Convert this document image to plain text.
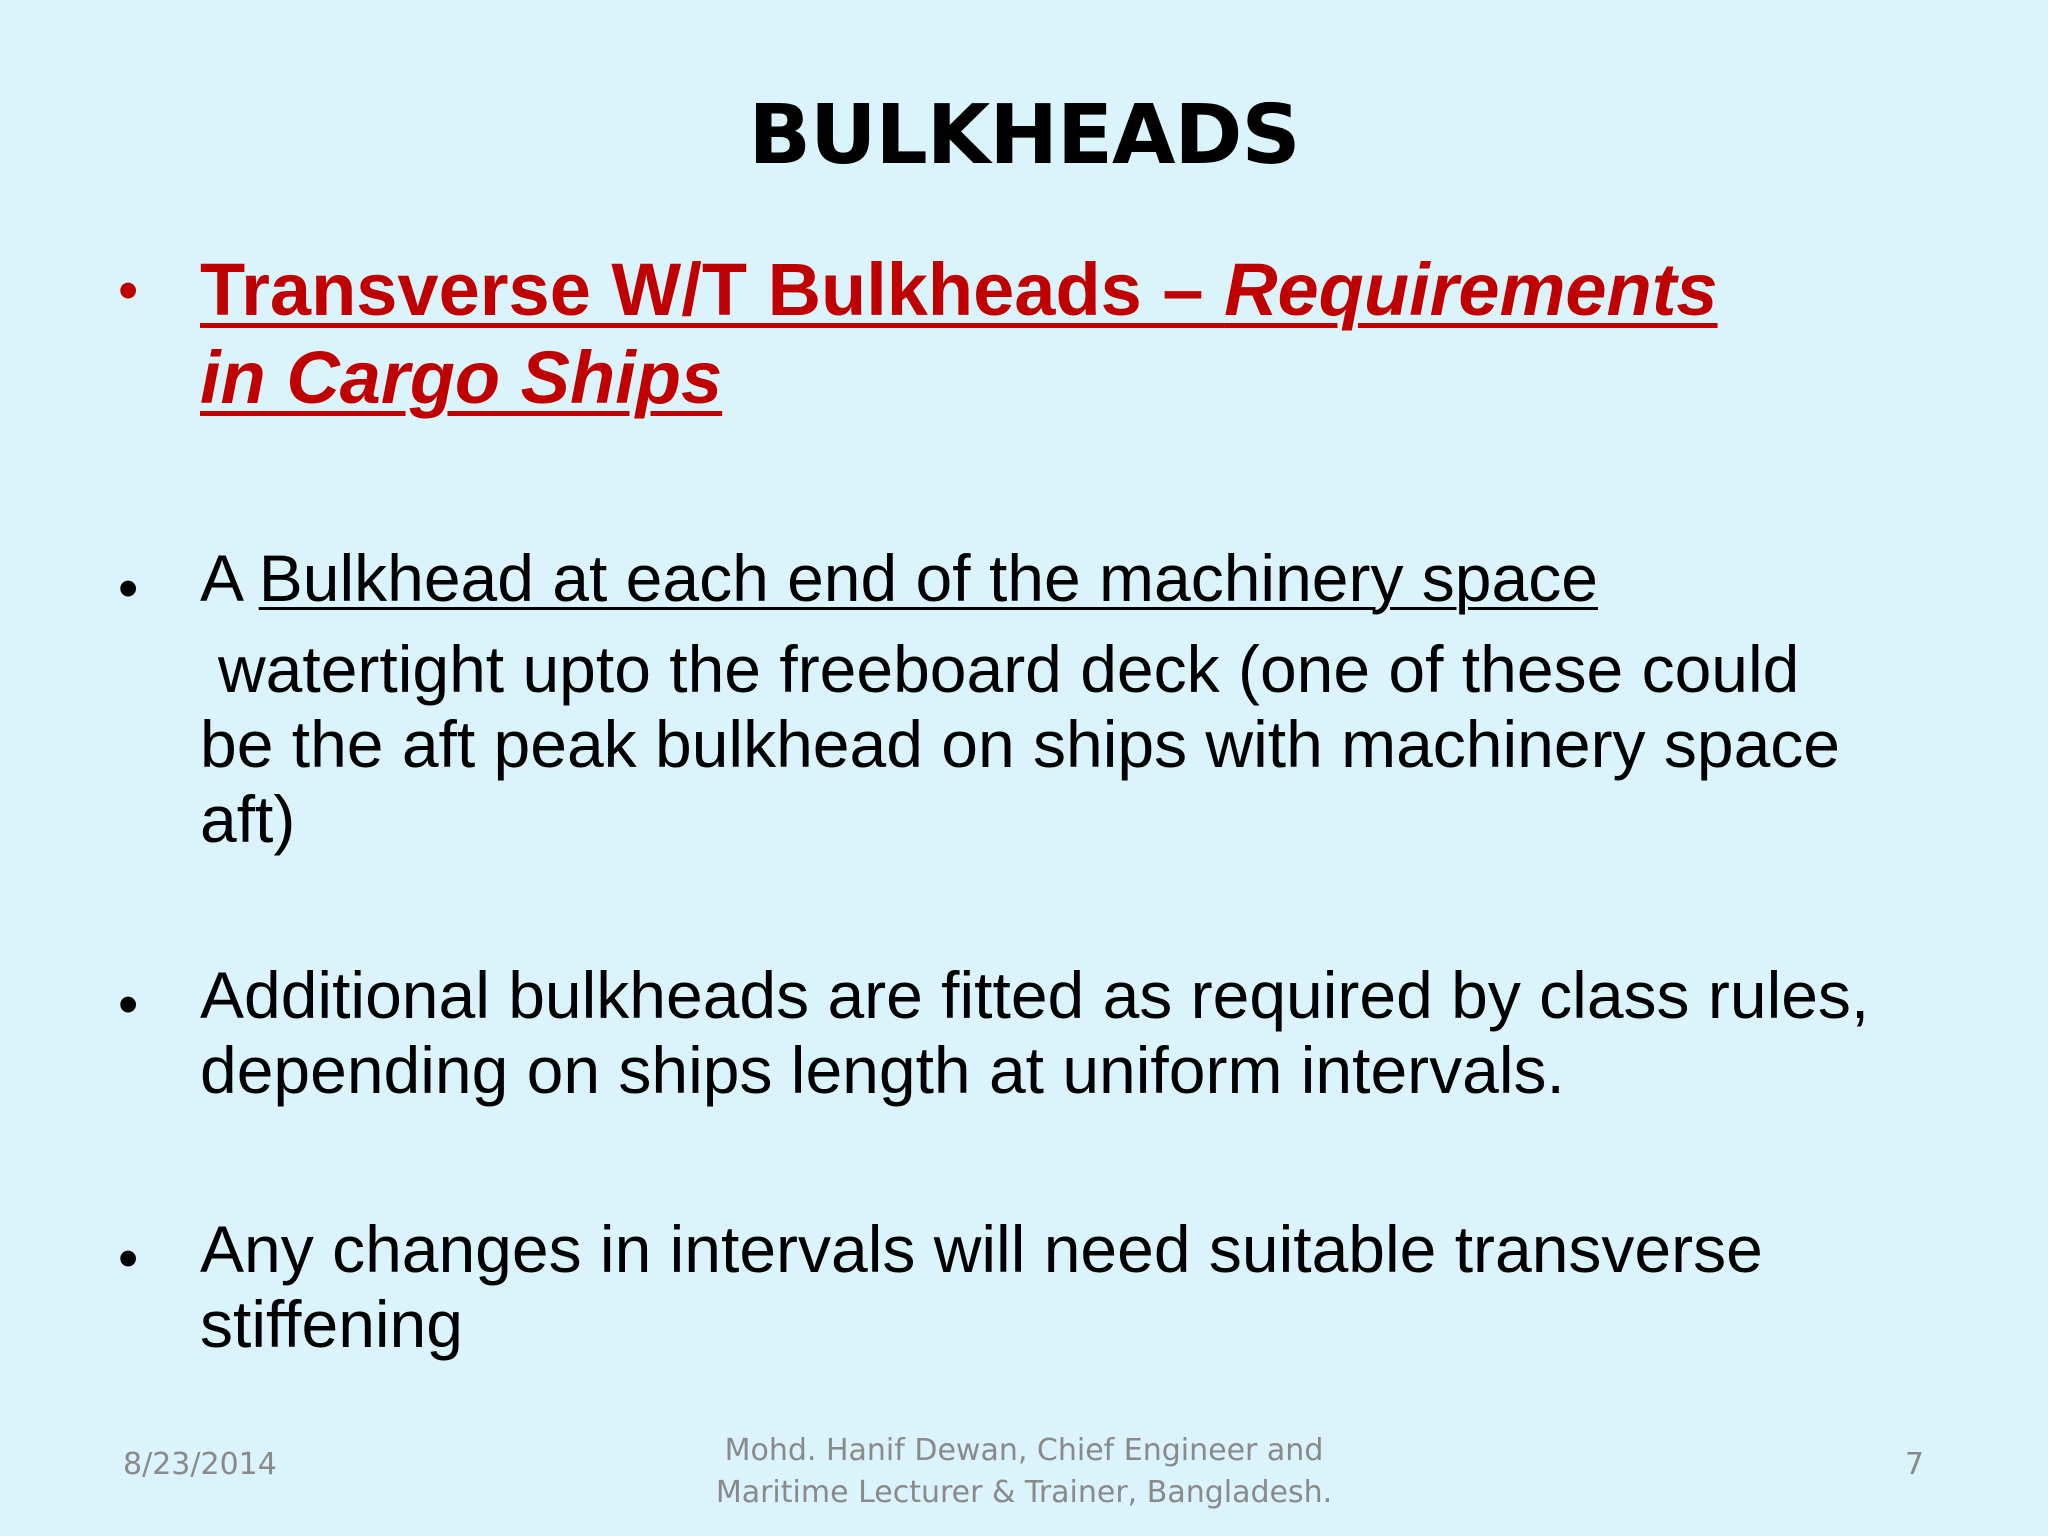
BULKHEADS
• Transverse W/T Bulkheads – Requirements
in Cargo Ships
• A Bulkhead at each end of the machinery space
watertight upto the freeboard deck (one of these could
be the aft peak bulkhead on ships with machinery space aft)
• Additional bulkheads are fitted as required by class rules, depending on ships length at uniform intervals.
• Any changes in intervals will need suitable transverse stiffening
8/23/2014	Mohd. Hanif Dewan, Chief Engineer and
Maritime Lecturer & Trainer, Bangladesh.
7
